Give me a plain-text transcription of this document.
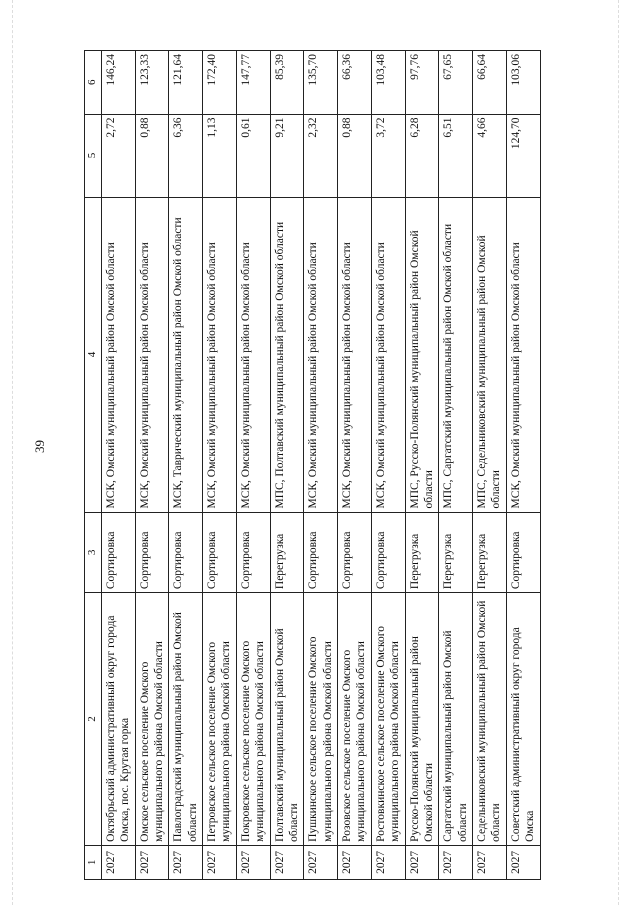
39
1	2	3	4	5	6
2027	Октябрьский административный округ города Омска, пос. Крутая горка	Сортировка	МСК, Омский муниципальный район Омской области	2,72	146,24
2027	Омское сельское поселение Омского муниципального района Омской области	Сортировка	МСК, Омский муниципальный район Омской области	0,88	123,33
2027	Павлоградский муниципальный район Омской области	Сортировка	МСК, Таврический муниципальный район Омской области	6,36	121,64
2027	Петровское сельское поселение Омского муниципального района Омской области	Сортировка	МСК, Омский муниципальный район Омской области	1,13	172,40
2027	Покровское сельское поселение Омского муниципального района Омской области	Сортировка	МСК, Омский муниципальный район Омской области	0,61	147,77
2027	Полтавский муниципальный район Омской области	Перегрузка	МПС, Полтавский муниципальный район Омской области	9,21	85,39
2027	Пушкинское сельское поселение Омского муниципального района Омской области	Сортировка	МСК, Омский муниципальный район Омской области	2,32	135,70
2027	Розовское сельское поселение Омского муниципального района Омской области	Сортировка	МСК, Омский муниципальный район Омской области	0,88	66,36
2027	Ростовкинское сельское поселение Омского муниципального района Омской области	Сортировка	МСК, Омский муниципальный район Омской области	3,72	103,48
2027	Русско-Полянский муниципальный район Омской области	Перегрузка	МПС, Русско-Полянский муниципальный район Омской области	6,28	97,76
2027	Саргатский муниципальный район Омской области	Перегрузка	МПС, Саргатский муниципальный район Омской области	6,51	67,65
2027	Седельниковский муниципальный район Омской области	Перегрузка	МПС, Седельниковский муниципальный район Омской области	4,66	66,64
2027	Советский административный округ города Омска	Сортировка	МСК, Омский муниципальный район Омской области	124,70	103,06
